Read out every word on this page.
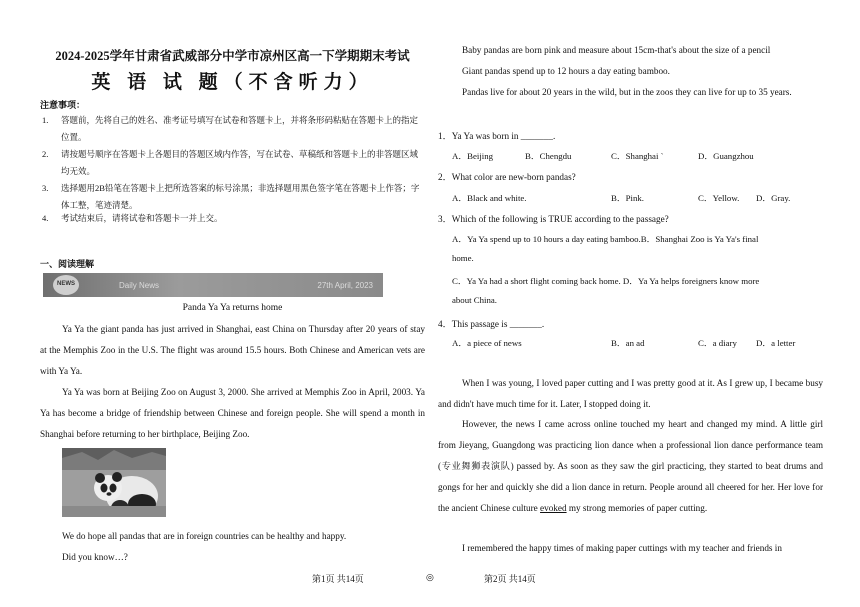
2024-2025学年甘肃省武威部分中学市凉州区高一下学期期末考试
英 语 试 题（不含听力）
注意事项：
1. 答题前，先将自己的姓名、准考证号填写在试卷和答题卡上，并将条形码粘贴在答题卡上的指定位置。
2. 请按题号顺序在答题卡上各题目的答题区域内作答，写在试卷、草稿纸和答题卡上的非答题区域均无效。
3. 选择题用2B铅笔在答题卡上把所选答案的标号涂黑；非选择题用黑色签字笔在答题卡上作答；字体工整，笔迹清楚。
4. 考试结束后，请将试卷和答题卡一并上交。
一、阅读理解
NEWS	Daily News	27th April, 2023
Panda Ya Ya returns home
Ya Ya the giant panda has just arrived in Shanghai, east China on Thursday after 20 years of stay at the Memphis Zoo in the U.S. The flight was around 15.5 hours. Both Chinese and American vets are with Ya Ya.
Ya Ya was born at Beijing Zoo on August 3, 2000. She arrived at Memphis Zoo in April, 2003. Ya Ya has become a bridge of friendship between Chinese and foreign people. She will spend a month in Shanghai before returning to her birthplace, Beijing Zoo.
We do hope all pandas that are in foreign countries can be healthy and happy.
Did you know…?
第1页 共14页	◎
Baby pandas are born pink and measure about 15cm-that's about the size of a pencil
Giant pandas spend up to 12 hours a day eating bamboo.
Pandas live for about 20 years in the wild, but in the zoos they can live for up to 35 years.
1．Ya Ya was born in _______.
A．Beijing	B．Chengdu	C．Shanghai `	D．Guangzhou
2．What color are new-born pandas?
A．Black and white.	B．Pink.	C．Yellow. D．Gray.
3．Which of the following is TRUE according to the passage?
A．Ya Ya spend up to 10 hours a day eating bamboo.B．Shanghai Zoo is Ya Ya's final
home.
C．Ya Ya had a short flight coming back home. D．Ya Ya helps foreigners know more
about China.
4．This passage is _______.
A．a piece of news	B．an ad	C．a diary D．a letter
When I was young, I loved paper cutting and I was pretty good at it. As I grew up, I became busy and didn't have much time for it. Later, I stopped doing it.
However, the news I came across online touched my heart and changed my mind. A little girl from Jieyang, Guangdong was practicing lion dance when a professional lion dance performance team (专业舞狮表演队) passed by. As soon as they saw the girl practicing, they started to beat drums and gongs for her and quickly she did a lion dance in return. People around all cheered for her. Her love for the ancient Chinese culture evoked my strong memories of paper cutting.
I remembered the happy times of making paper cuttings with my teacher and friends in
第2页 共14页
